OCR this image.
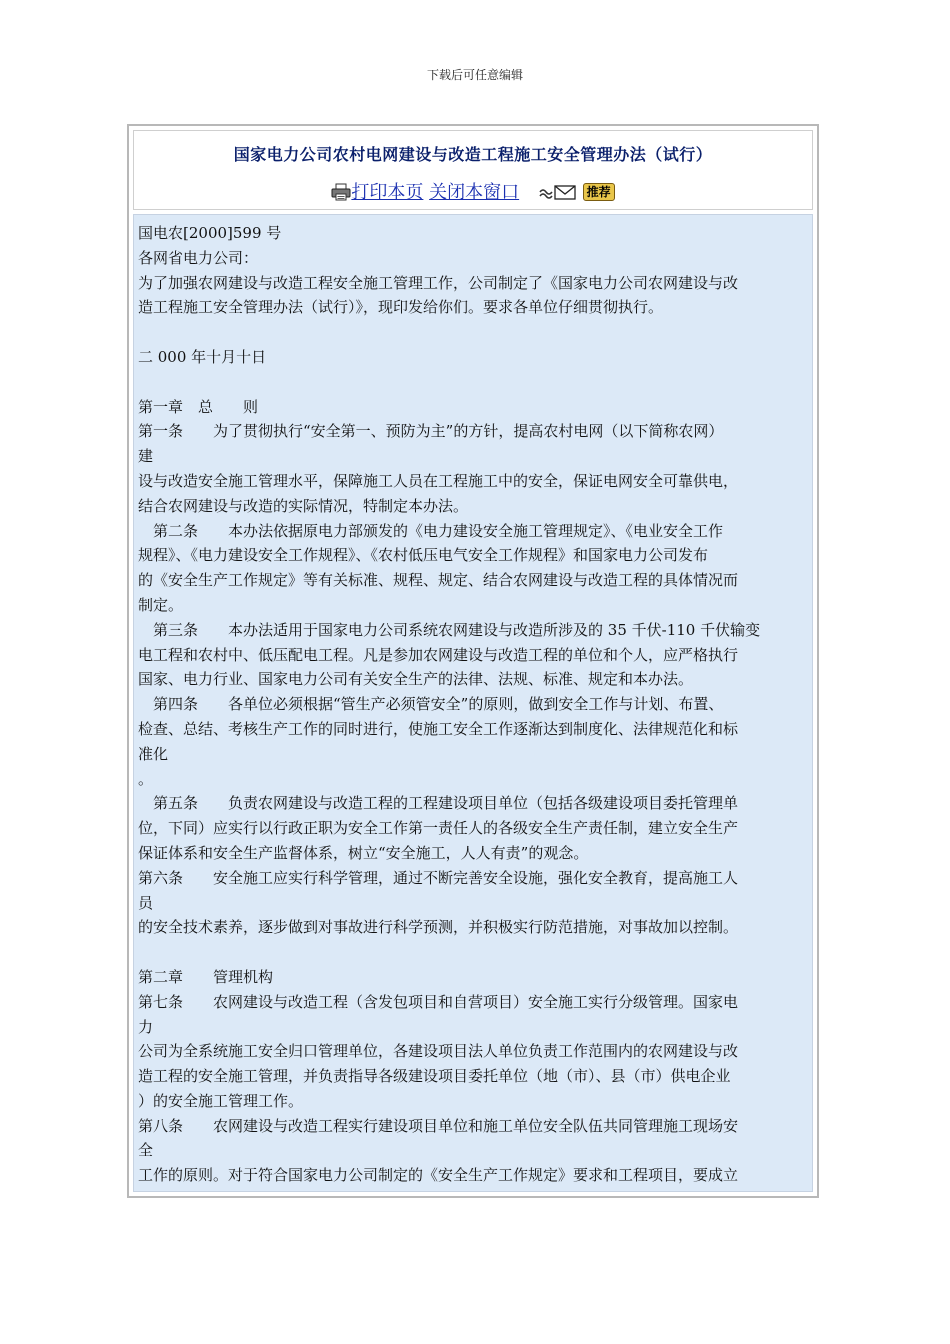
下载后可任意编辑
国家电力公司农村电网建设与改造工程施工安全管理办法（试行）
打印本页 关闭本窗口	推荐

国电农[2000]599 号

各网省电力公司：

为了加强农网建设与改造工程安全施工管理工作，公司制定了《国家电力公司农网建设与改

造工程施工安全管理办法（试行）》，现印发给你们。要求各单位仔细贯彻执行。

二 000 年十月十日

第一章　总　　则

第一条　　为了贯彻执行“安全第一、预防为主”的方针，提高农村电网（以下简称农网）

建

设与改造安全施工管理水平，保障施工人员在工程施工中的安全，保证电网安全可靠供电，

结合农网建设与改造的实际情况，特制定本办法。

第二条　　本办法依据原电力部颁发的《电力建设安全施工管理规定》、《电业安全工作

规程》、《电力建设安全工作规程》、《农村低压电气安全工作规程》和国家电力公司发布

的《安全生产工作规定》等有关标准、规程、规定、结合农网建设与改造工程的具体情况而

制定。

第三条　　本办法适用于国家电力公司系统农网建设与改造所涉及的 35 千伏-110 千伏输变

电工程和农村中、低压配电工程。凡是参加农网建设与改造工程的单位和个人，应严格执行

国家、电力行业、国家电力公司有关安全生产的法律、法规、标准、规定和本办法。

第四条　　各单位必须根据“管生产必须管安全”的原则，做到安全工作与计划、布置、

检查、总结、考核生产工作的同时进行，使施工安全工作逐渐达到制度化、法律规范化和标

准化

。

第五条　　负责农网建设与改造工程的工程建设项目单位（包括各级建设项目委托管理单

位，下同）应实行以行政正职为安全工作第一责任人的各级安全生产责任制，建立安全生产

保证体系和安全生产监督体系，树立“安全施工，人人有责”的观念。

第六条　　安全施工应实行科学管理，通过不断完善安全设施，强化安全教育，提高施工人

员

的安全技术素养，逐步做到对事故进行科学预测，并积极实行防范措施，对事故加以控制。

第二章　　管理机构

第七条　　农网建设与改造工程（含发包项目和自营项目）安全施工实行分级管理。国家电

力

公司为全系统施工安全归口管理单位，各建设项目法人单位负责工作范围内的农网建设与改

造工程的安全施工管理，并负责指导各级建设项目委托单位（地（市）、县（市）供电企业

）的安全施工管理工作。

第八条　　农网建设与改造工程实行建设项目单位和施工单位安全队伍共同管理施工现场安

全

工作的原则。对于符合国家电力公司制定的《安全生产工作规定》要求和工程项目，要成立
